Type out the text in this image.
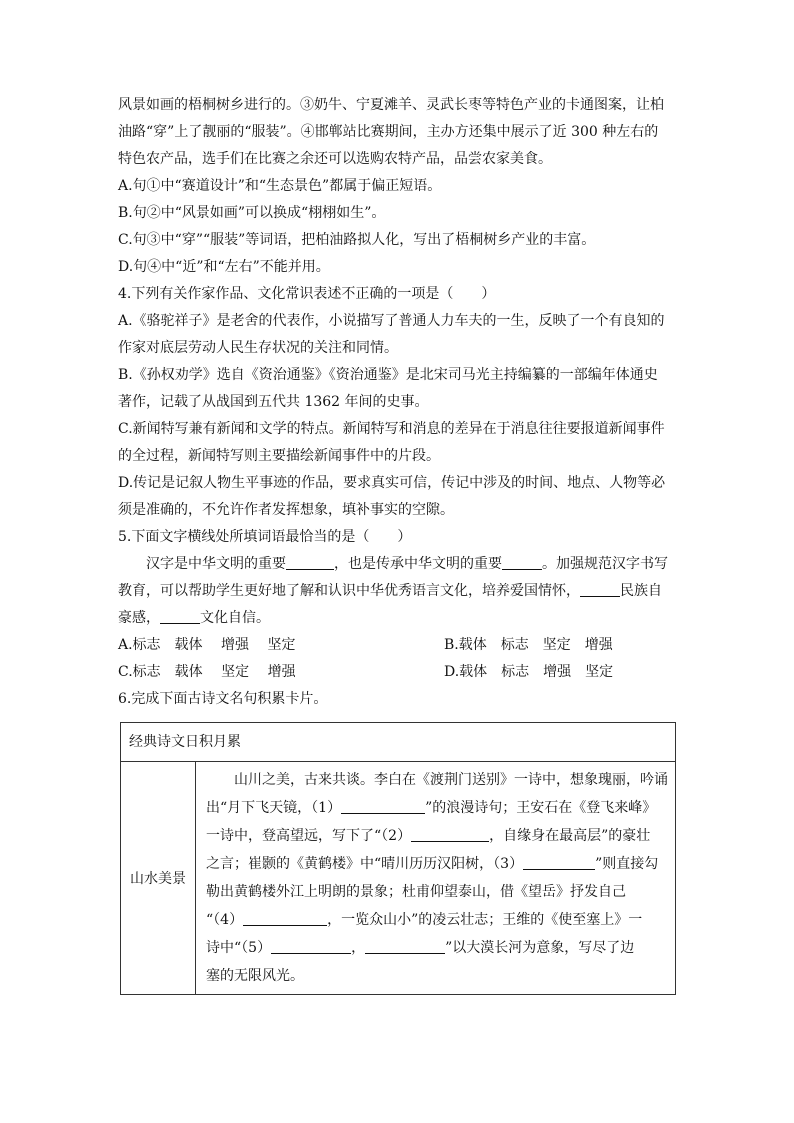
风景如画的梧桐树乡进行的。③奶牛、宁夏滩羊、灵武长枣等特色产业的卡通图案，让柏
油路“穿”上了靓丽的“服装”。④邯郸站比赛期间，主办方还集中展示了近 300 种左右的
特色农产品，选手们在比赛之余还可以选购农特产品，品尝农家美食。
A.句①中“赛道设计”和“生态景色”都属于偏正短语。
B.句②中“风景如画”可以换成“栩栩如生”。
C.句③中“穿”“服装”等词语，把柏油路拟人化，写出了梧桐树乡产业的丰富。
D.句④中“近”和“左右”不能并用。
4.下列有关作家作品、文化常识表述不正确的一项是（　　）
A.《骆驼祥子》是老舍的代表作，小说描写了普通人力车夫的一生，反映了一个有良知的
作家对底层劳动人民生存状况的关注和同情。
B.《孙权劝学》选自《资治通鉴》《资治通鉴》是北宋司马光主持编纂的一部编年体通史
著作，记载了从战国到五代共 1362 年间的史事。
C.新闻特写兼有新闻和文学的特点。新闻特写和消息的差异在于消息往往要报道新闻事件
的全过程，新闻特写则主要描绘新闻事件中的片段。
D.传记是记叙人物生平事迹的作品，要求真实可信，传记中涉及的时间、地点、人物等必
须是准确的，不允许作者发挥想象，填补事实的空隙。
5.下面文字横线处所填词语最恰当的是（　　）
汉字是中华文明的重要	，也是传承中华文明的重要	。加强规范汉字书写
教育，可以帮助学生更好地了解和认识中华优秀语言文化，培养爱国情怀，	民族自
豪感，	文化自信。
A.标志　载体　 增强　 坚定	B.载体　标志　坚定　增强
C.标志　载体　 坚定　 增强	D.载体　标志　增强　坚定
6.完成下面古诗文名句积累卡片。
经典诗文日积月累
山水美景	
山川之美，古来共谈。李白在《渡荆门送别》一诗中，想象瑰丽，吟诵
出“月下飞天镜，（1）	”的浪漫诗句；王安石在《登飞来峰》
一诗中，登高望远，写下了“（2）	，自缘身在最高层”的豪壮
之言；崔颢的《黄鹤楼》中“晴川历历汉阳树，（3）	”则直接勾
勒出黄鹤楼外江上明朗的景象；杜甫仰望泰山，借《望岳》抒发自己
“（4）	，一览众山小”的凌云壮志；王维的《使至塞上》一
诗中“（5）	，	”以大漠长河为意象，写尽了边
塞的无限风光。
